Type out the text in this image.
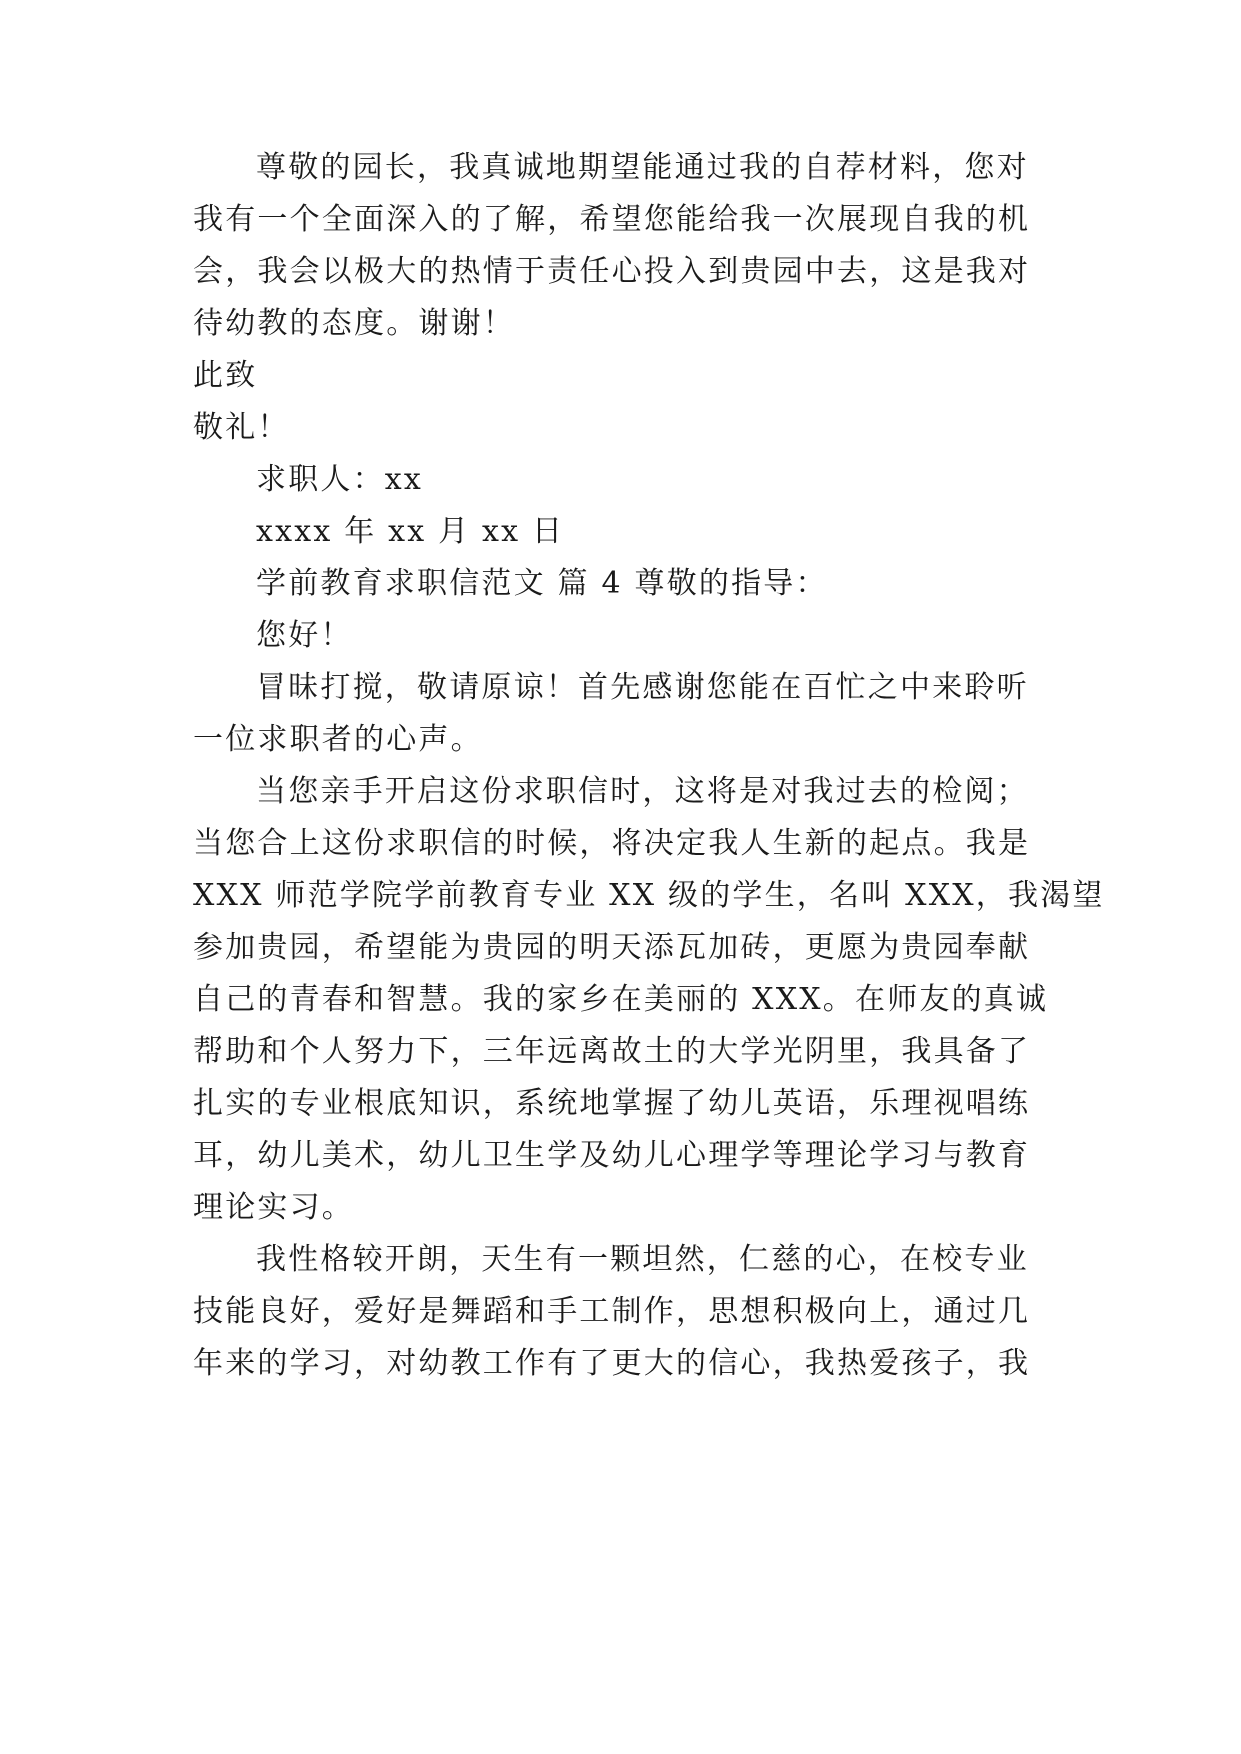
尊敬的园长，我真诚地期望能通过我的自荐材料，您对
我有一个全面深入的了解，希望您能给我一次展现自我的机
会，我会以极大的热情于责任心投入到贵园中去，这是我对
待幼教的态度。谢谢！
此致
敬礼！
求职人：xx
xxxx 年 xx 月 xx 日
学前教育求职信范文 篇 4 尊敬的指导：
您好！
冒昧打搅，敬请原谅！首先感谢您能在百忙之中来聆听
一位求职者的心声。
当您亲手开启这份求职信时，这将是对我过去的检阅；
当您合上这份求职信的时候，将决定我人生新的起点。我是
XXX 师范学院学前教育专业 XX 级的学生，名叫 XXX，我渴望
参加贵园，希望能为贵园的明天添瓦加砖，更愿为贵园奉献
自己的青春和智慧。我的家乡在美丽的 XXX。在师友的真诚
帮助和个人努力下，三年远离故土的大学光阴里，我具备了
扎实的专业根底知识，系统地掌握了幼儿英语，乐理视唱练
耳，幼儿美术，幼儿卫生学及幼儿心理学等理论学习与教育
理论实习。
我性格较开朗，天生有一颗坦然，仁慈的心，在校专业
技能良好，爱好是舞蹈和手工制作，思想积极向上，通过几
年来的学习，对幼教工作有了更大的信心，我热爱孩子，我
